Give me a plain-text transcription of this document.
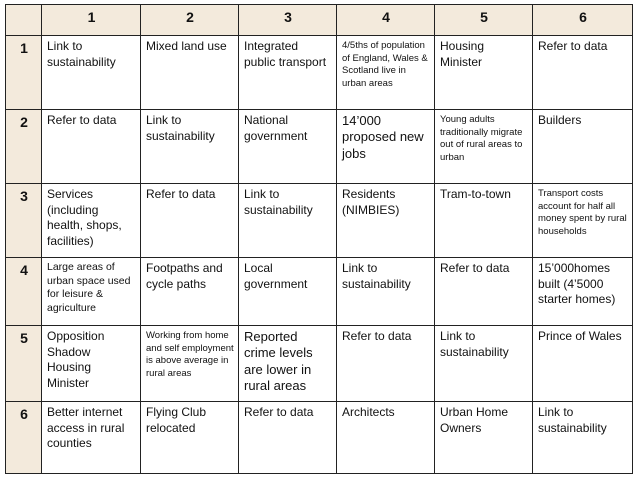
	1	2	3	4	5	6
1	Link to sustainability	Mixed land use	Integrated public transport	4/5ths of population of England, Wales & Scotland live in urban areas	Housing Minister	Refer to data
2	Refer to data	Link to sustainability	National government	14’000 proposed new jobs	Young adults traditionally migrate out of rural areas to urban	Builders
3	Services (including health, shops, facilities)	Refer to data	Link to sustainability	Residents (NIMBIES)	Tram-to-town	Transport costs account for half all money spent by rural households
4	Large areas of urban space used for leisure & agriculture	Footpaths and cycle paths	Local government	Link to sustainability	Refer to data	15’000homes built (4’5000 starter homes)
5	Opposition Shadow Housing Minister	Working from home and self employment is above average in rural areas	Reported crime levels are lower in rural areas	Refer to data	Link to sustainability	Prince of Wales
6	Better internet access in rural counties	Flying Club relocated	Refer to data	Architects	Urban Home Owners	Link to sustainability
